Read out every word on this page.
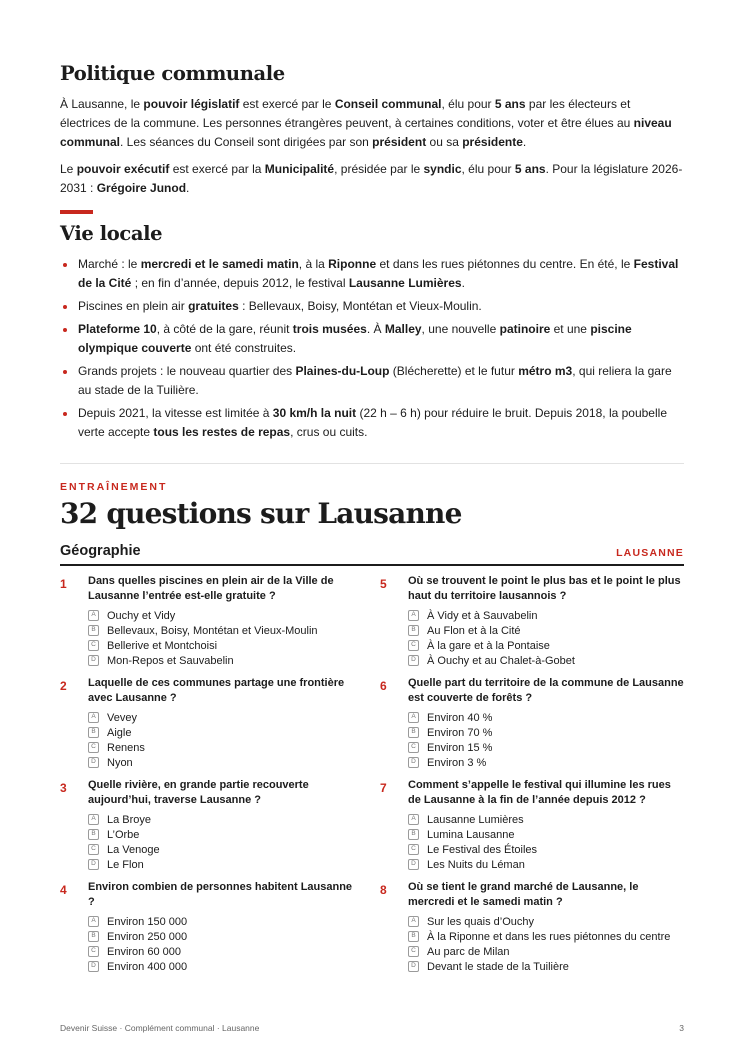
Politique communale

À Lausanne, le pouvoir législatif est exercé par le Conseil communal, élu pour 5 ans par les électeurs et électrices de la commune. Les personnes étrangères peuvent, à certaines conditions, voter et être élues au niveau communal. Les séances du Conseil sont dirigées par son président ou sa présidente.

Le pouvoir exécutif est exercé par la Municipalité, présidée par le syndic, élu pour 5 ans. Pour la législature 2026-2031 : Grégoire Junod.

Vie locale
Marché : le mercredi et le samedi matin, à la Riponne et dans les rues piétonnes du centre. En été, le Festival de la Cité ; en fin d’année, depuis 2012, le festival Lausanne Lumières.
Piscines en plein air gratuites : Bellevaux, Boisy, Montétan et Vieux-Moulin.
Plateforme 10, à côté de la gare, réunit trois musées. À Malley, une nouvelle patinoire et une piscine olympique couverte ont été construites.
Grands projets : le nouveau quartier des Plaines-du-Loup (Blécherette) et le futur métro m3, qui reliera la gare au stade de la Tuilière.
Depuis 2021, la vitesse est limitée à 30 km/h la nuit (22 h – 6 h) pour réduire le bruit. Depuis 2018, la poubelle verte accepte tous les restes de repas, crus ou cuits.
ENTRAÎNEMENT
32 questions sur Lausanne
Géographie	LAUSANNE
1	Dans quelles piscines en plein air de la Ville de Lausanne l’entrée est-elle gratuite ?
A	Ouchy et Vidy
B	Bellevaux, Boisy, Montétan et Vieux-Moulin
C Bellerive et Montchoisi
D Mon-Repos et Sauvabelin
2	Laquelle de ces communes partage une frontière avec Lausanne ?
A	Vevey
B	Aigle
C Renens
D Nyon
3	Quelle rivière, en grande partie recouverte aujourd’hui, traverse Lausanne ?
A	La Broye
B	L’Orbe
C La Venoge
D Le Flon
4	Environ combien de personnes habitent Lausanne ?
A	Environ 150 000
B	Environ 250 000
C Environ 60 000
D Environ 400 000
5	Où se trouvent le point le plus bas et le point le plus haut du territoire lausannois ?
A	À Vidy et à Sauvabelin
B	Au Flon et à la Cité
C À la gare et à la Pontaise
D À Ouchy et au Chalet-à-Gobet
6	Quelle part du territoire de la commune de Lausanne est couverte de forêts ?
A	Environ 40 %
B	Environ 70 %
C Environ 15 %
D Environ 3 %
7	Comment s’appelle le festival qui illumine les rues de Lausanne à la fin de l’année depuis 2012 ?
A	Lausanne Lumières
B	Lumina Lausanne
C Le Festival des Étoiles
D Les Nuits du Léman
8	Où se tient le grand marché de Lausanne, le mercredi et le samedi matin ?
A	Sur les quais d’Ouchy
B	À la Riponne et dans les rues piétonnes du centre
C Au parc de Milan
D Devant le stade de la Tuilière
Devenir Suisse · Complément communal · Lausanne	3
